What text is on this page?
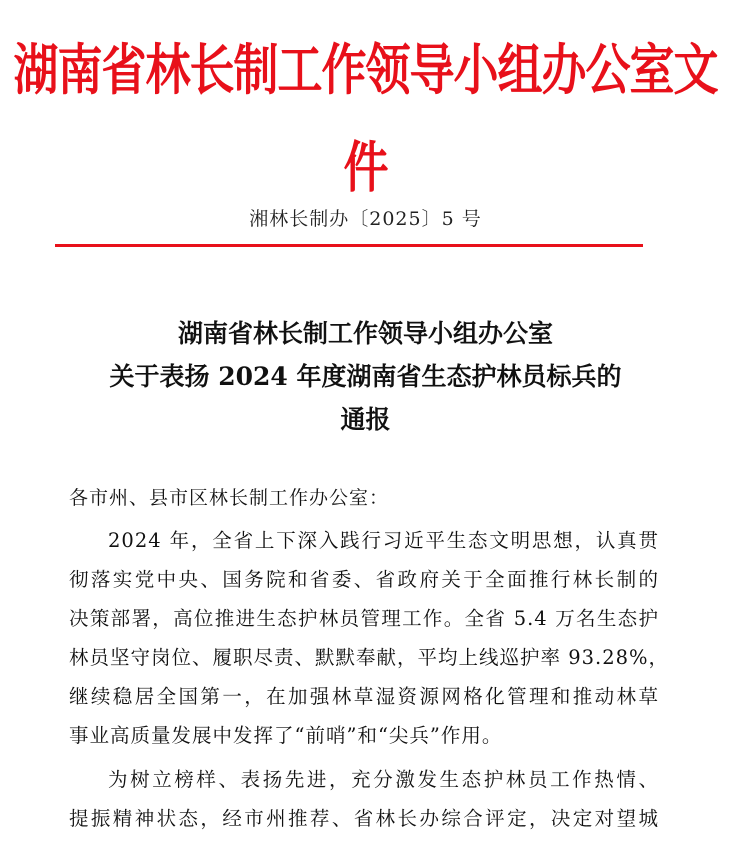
湖南省林长制工作领导小组办公室文件
湘林长制办〔2025〕5 号
湖南省林长制工作领导小组办公室
关于表扬 2024 年度湖南省生态护林员标兵的
通报
各市州、县市区林长制工作办公室：
2024 年，全省上下深入践行习近平生态文明思想，认真贯
彻落实党中央、国务院和省委、省政府关于全面推行林长制的
决策部署，高位推进生态护林员管理工作。全省 5.4 万名生态护
林员坚守岗位、履职尽责、默默奉献，平均上线巡护率 93.28%，
继续稳居全国第一，在加强林草湿资源网格化管理和推动林草
事业高质量发展中发挥了“前哨”和“尖兵”作用。
为树立榜样、表扬先进，充分激发生态护林员工作热情、
提振精神状态，经市州推荐、省林长办综合评定，决定对望城
